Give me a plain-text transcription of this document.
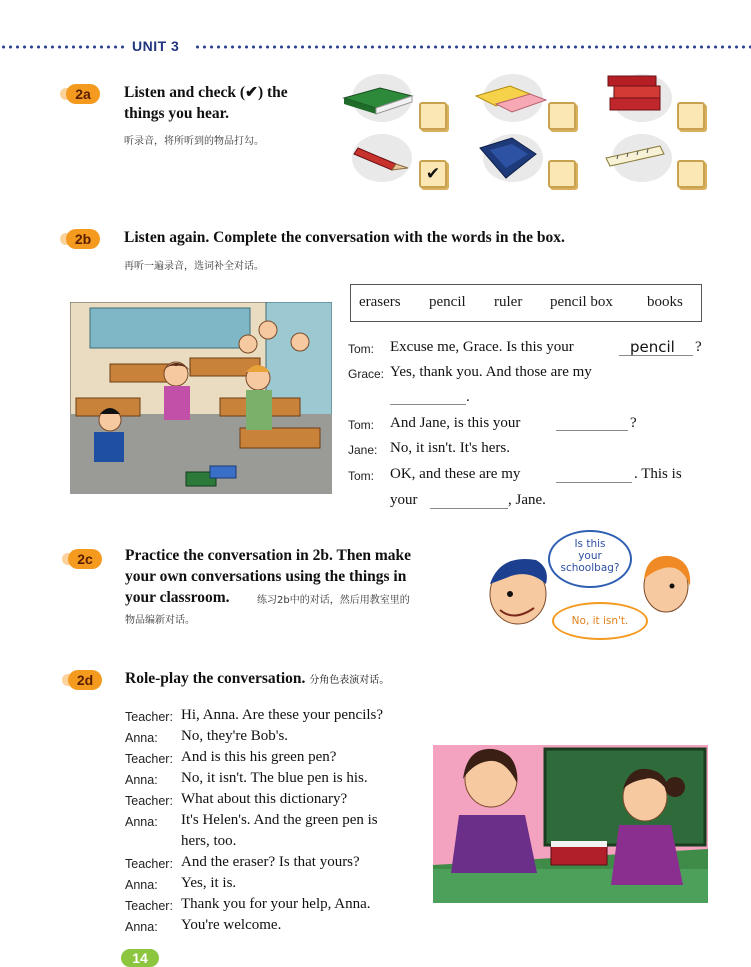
UNIT 3
2a	Listen and check (✔) the
things you hear.
听录音，将所听到的物品打勾。
✔
2b	Listen again. Complete the conversation with the words in the box.
再听一遍录音，选词补全对话。
erasers pencil ruler pencil box books
Tom: Excuse me, Grace. Is this your	pencil ?
Grace: Yes, thank you. And those are my
.
Tom: And Jane, is this your	?
Jane: No, it isn't. It's hers.
Tom: OK, and these are my	. This is
your	, Jane.
2c	Practice the conversation in 2b. Then make
your own conversations using the things in
your classroom.	练习2b中的对话，然后用教室里的
物品编新对话。
Is this
your
schoolbag?
No, it isn't.
2d	Role-play the conversation. 分角色表演对话。
Teacher: Hi, Anna. Are these your pencils?
Anna: No, they're Bob's.
Teacher: And is this his green pen?
Anna: No, it isn't. The blue pen is his.
Teacher: What about this dictionary?
Anna: It's Helen's. And the green pen is
hers, too.
Teacher: And the eraser? Is that yours?
Anna: Yes, it is.
Teacher: Thank you for your help, Anna.
Anna: You're welcome.
14
